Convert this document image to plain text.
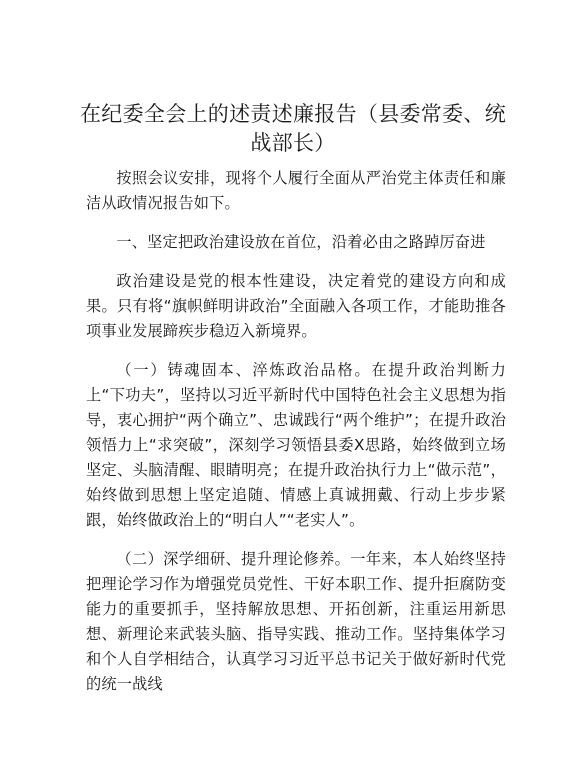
在纪委全会上的述责述廉报告（县委常委、统战部长）

按照会议安排，现将个人履行全面从严治党主体责任和廉洁从政情况报告如下。

一、坚定把政治建设放在首位，沿着必由之路踔厉奋进

政治建设是党的根本性建设，决定着党的建设方向和成果。只有将“旗帜鲜明讲政治”全面融入各项工作，才能助推各项事业发展蹄疾步稳迈入新境界。

（一）铸魂固本、淬炼政治品格。在提升政治判断力上“下功夫”，坚持以习近平新时代中国特色社会主义思想为指导，衷心拥护“两个确立”、忠诚践行“两个维护”；在提升政治领悟力上“求突破”，深刻学习领悟县委X思路，始终做到立场坚定、头脑清醒、眼睛明亮；在提升政治执行力上“做示范”，始终做到思想上坚定追随、情感上真诚拥戴、行动上步步紧跟，始终做政治上的“明白人”“老实人”。

（二）深学细研、提升理论修养。一年来，本人始终坚持把理论学习作为增强党员党性、干好本职工作、提升拒腐防变能力的重要抓手，坚持解放思想、开拓创新，注重运用新思想、新理论来武装头脑、指导实践、推动工作。坚持集体学习和个人自学相结合，认真学习习近平总书记关于做好新时代党的统一战线
